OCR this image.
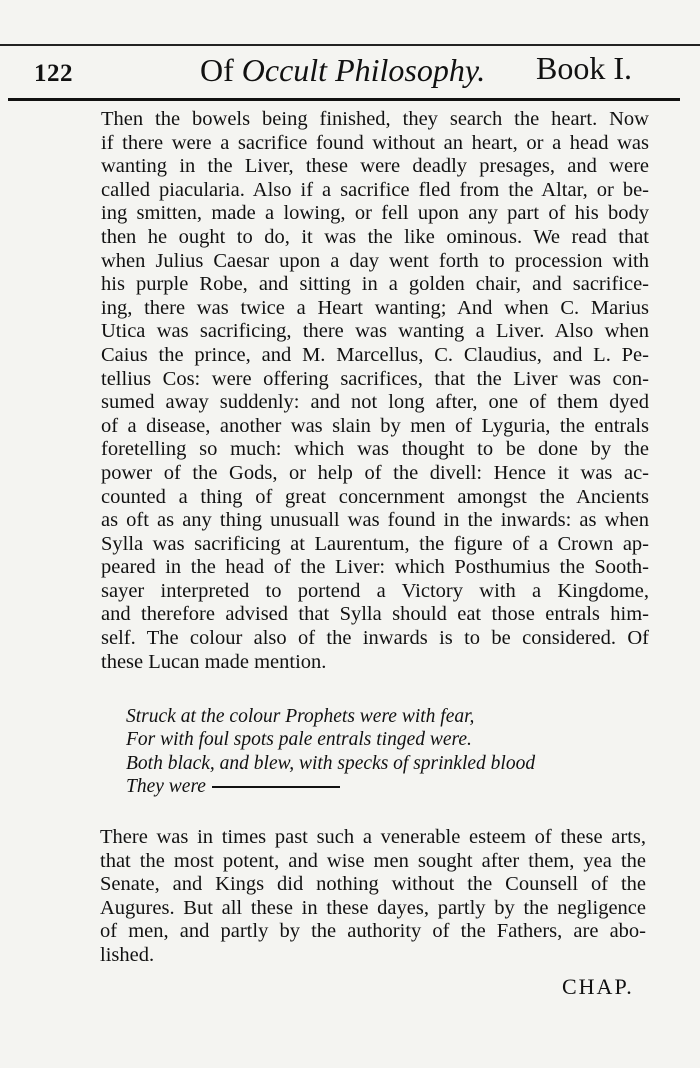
122	Of Occult Philosophy. Book I.
Then the bowels being finished, they search the heart. Now
if there were a sacrifice found without an heart, or a head was
wanting in the Liver, these were deadly presages, and were
called piacularia. Also if a sacrifice fled from the Altar, or be-
ing smitten, made a lowing, or fell upon any part of his body
then he ought to do, it was the like ominous. We read that
when Julius Caesar upon a day went forth to procession with
his purple Robe, and sitting in a golden chair, and sacrifice-
ing, there was twice a Heart wanting; And when C. Marius
Utica was sacrificing, there was wanting a Liver. Also when
Caius the prince, and M. Marcellus, C. Claudius, and L. Pe-
tellius Cos: were offering sacrifices, that the Liver was con-
sumed away suddenly: and not long after, one of them dyed
of a disease, another was slain by men of Lyguria, the entrals
foretelling so much: which was thought to be done by the
power of the Gods, or help of the divell: Hence it was ac-
counted a thing of great concernment amongst the Ancients
as oft as any thing unusuall was found in the inwards: as when
Sylla was sacrificing at Laurentum, the figure of a Crown ap-
peared in the head of the Liver: which Posthumius the Sooth-
sayer interpreted to portend a Victory with a Kingdome,
and therefore advised that Sylla should eat those entrals him-
self. The colour also of the inwards is to be considered. Of
these Lucan made mention.
Struck at the colour Prophets were with fear,
For with foul spots pale entrals tinged were.
Both black, and blew, with specks of sprinkled blood
They were
There was in times past such a venerable esteem of these arts,
that the most potent, and wise men sought after them, yea the
Senate, and Kings did nothing without the Counsell of the
Augures. But all these in these dayes, partly by the negligence
of men, and partly by the authority of the Fathers, are abo-
lished.
CHAP.
